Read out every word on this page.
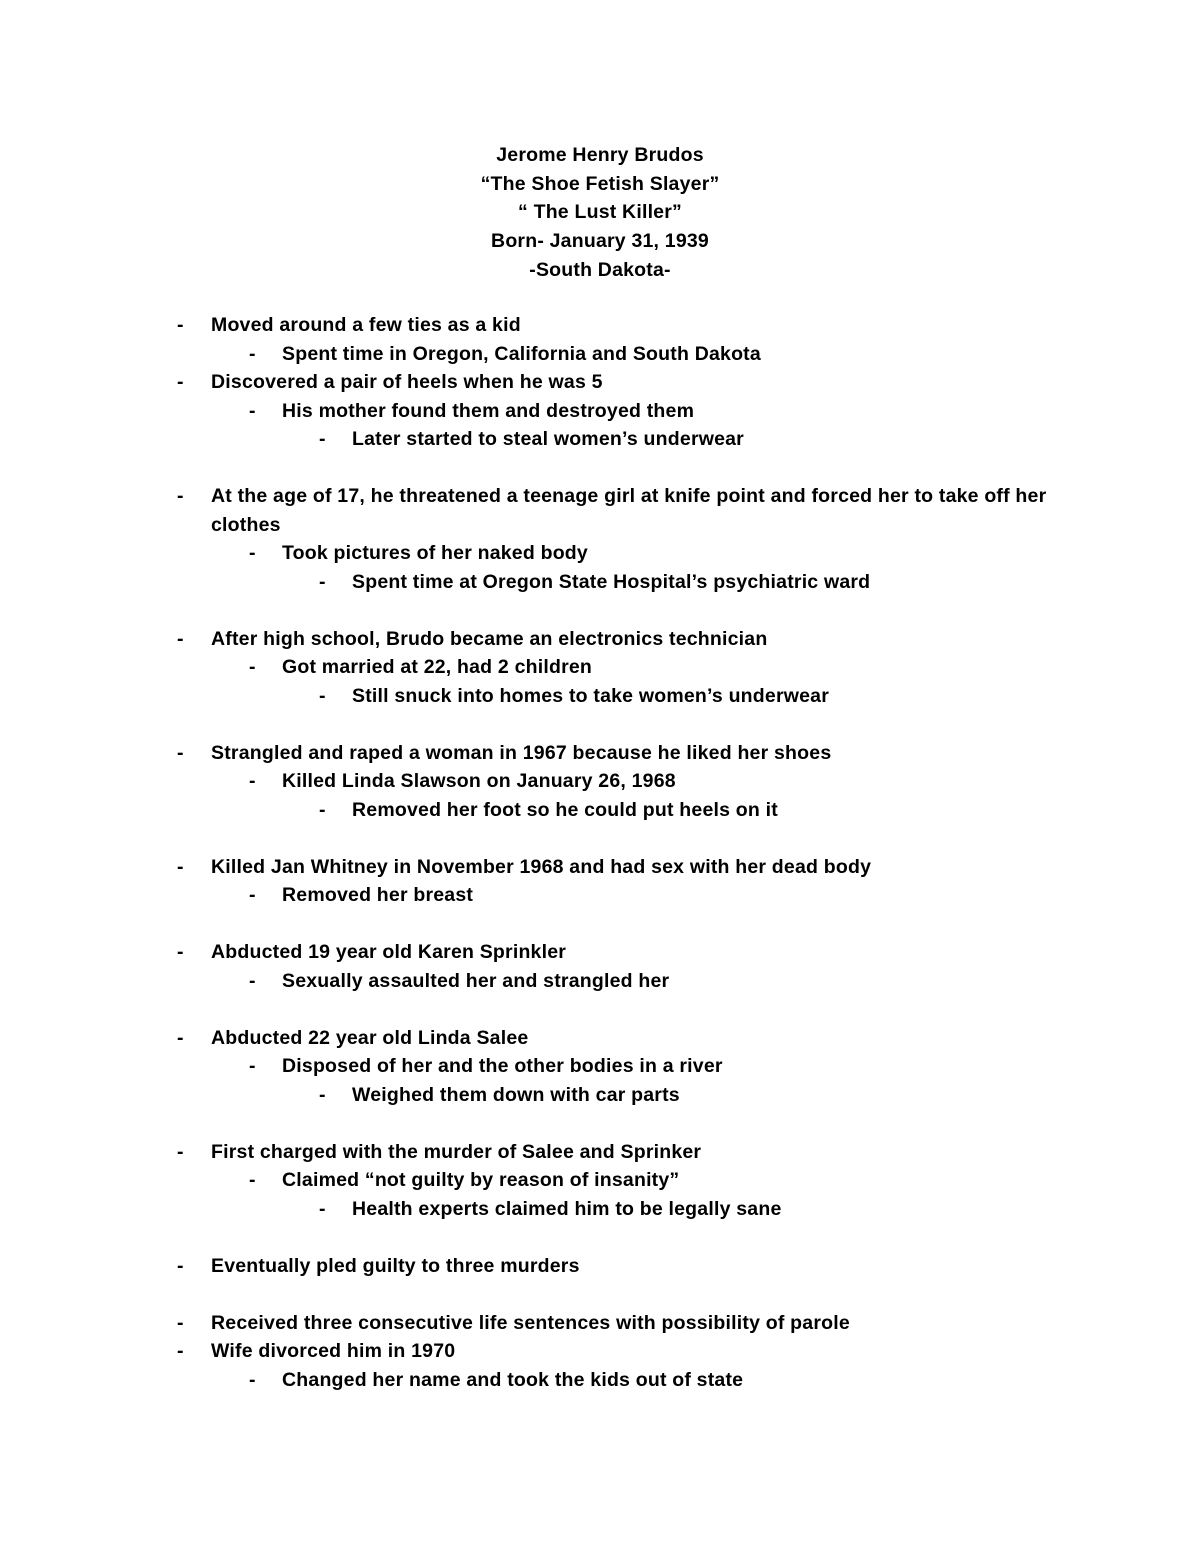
Jerome Henry Brudos
“The Shoe Fetish Slayer”
“ The Lust Killer”
Born- January 31, 1939
-South Dakota-
- Moved around a few ties as a kid
- Spent time in Oregon, California and South Dakota
- Discovered a pair of heels when he was 5
- His mother found them and destroyed them
- Later started to steal women’s underwear
- At the age of 17, he threatened a teenage girl at knife point and forced her to take off her clothes
- Took pictures of her naked body
- Spent time at Oregon State Hospital’s psychiatric ward
- After high school, Brudo became an electronics technician
- Got married at 22, had 2 children
- Still snuck into homes to take women’s underwear
- Strangled and raped a woman in 1967 because he liked her shoes
- Killed Linda Slawson on January 26, 1968
- Removed her foot so he could put heels on it
- Killed Jan Whitney in November 1968 and had sex with her dead body
- Removed her breast
- Abducted 19 year old Karen Sprinkler
- Sexually assaulted her and strangled her
- Abducted 22 year old Linda Salee
- Disposed of her and the other bodies in a river
- Weighed them down with car parts
- First charged with the murder of Salee and Sprinker
- Claimed “not guilty by reason of insanity”
- Health experts claimed him to be legally sane
- Eventually pled guilty to three murders
- Received three consecutive life sentences with possibility of parole
- Wife divorced him in 1970
- Changed her name and took the kids out of state
